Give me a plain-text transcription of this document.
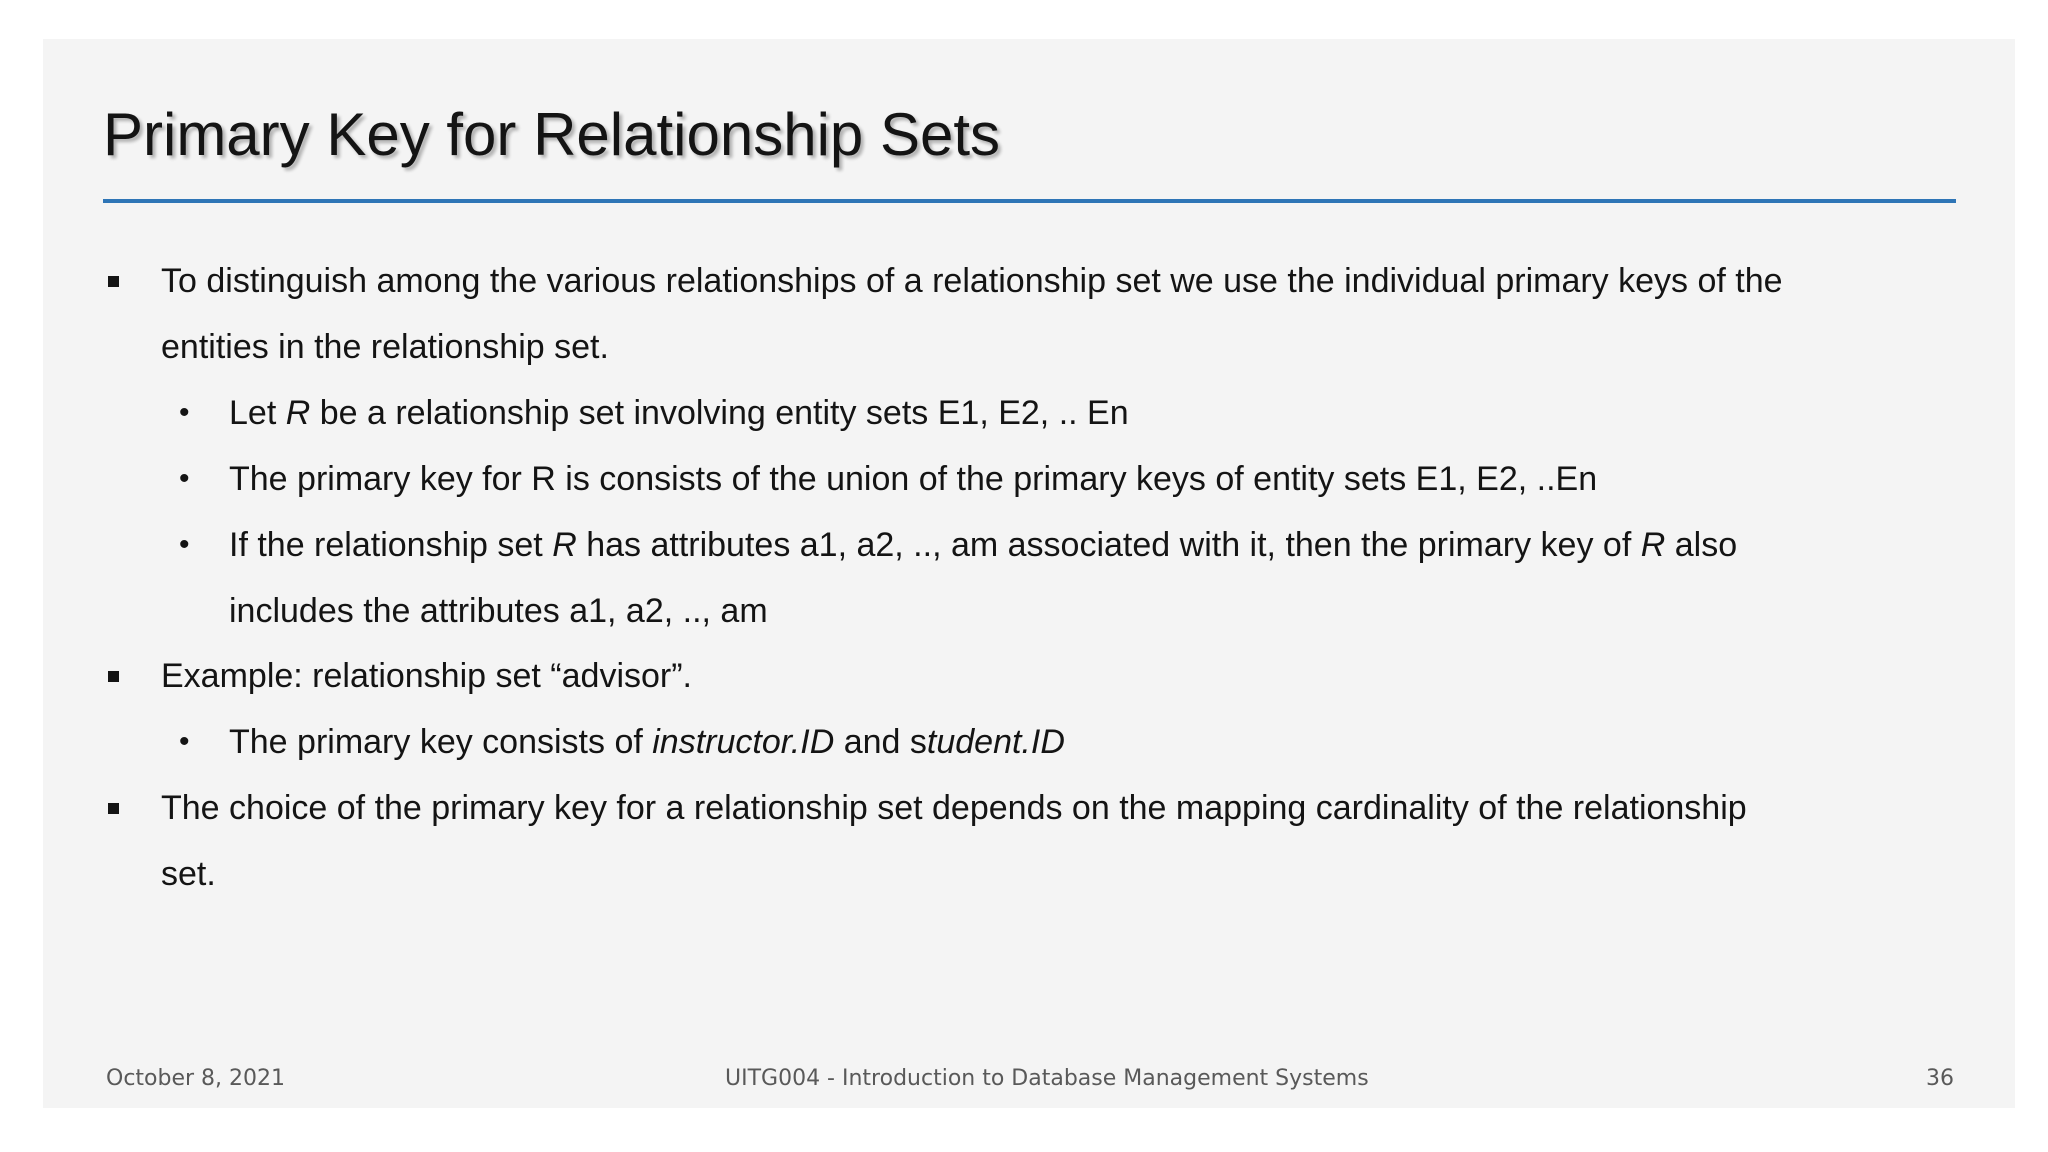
Primary Key for Relationship Sets
To distinguish among the various relationships of a relationship set we use the individual primary keys of the
entities in the relationship set.
• Let R be a relationship set involving entity sets E1, E2, .. En
• The primary key for R is consists of the union of the primary keys of entity sets E1, E2, ..En
• If the relationship set R has attributes a1, a2, .., am associated with it, then the primary key of R also
includes the attributes a1, a2, .., am
Example: relationship set “advisor”.
• The primary key consists of instructor.ID and student.ID
The choice of the primary key for a relationship set depends on the mapping cardinality of the relationship
set.
October 8, 2021	UITG004 - Introduction to Database Management Systems	36
